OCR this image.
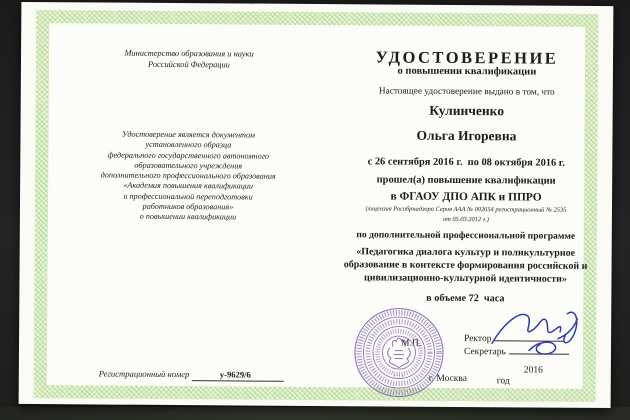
Министерство образования и науки
Российской Федерации
Удостоверение является документом
установленного образца
федерального государственного автономного
образовательного учреждения
дополнительного профессионального образования
«Академия повышения квалификации
и профессиональной переподготовки
работников образования»
о повышении квалификации
Регистрационный номер	у-9629/6
УДОСТОВЕРЕНИЕ
о повышении квалификации
Настоящее удостоверение выдано в том, что
Кулинченко
Ольга Игоревна
с 26 сентября 2016 г.  по 08 октября 2016 г.
прошел(а) повышение квалификации
в ФГАОУ ДПО АПК и ППРО
(лицензия Рособрнадзора Серия ААА № 002654 регистрационный № 2535
от 05.03.2012 г.)
по дополнительной профессиональной программе
«Педагогика диалога культур и поликультурное
образование в контексте формирования российской и
цивилизационно-культурной идентичности»
в объеме 72  часа
М.П.
* 2 *
Ректор
Секретарь
2016
г. Москва	год
